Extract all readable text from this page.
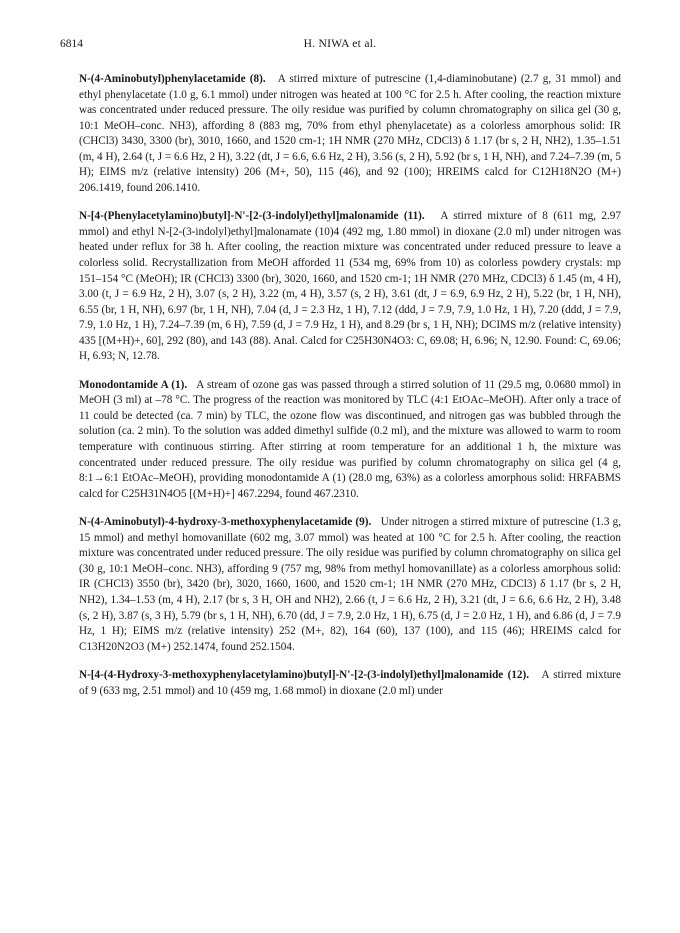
6814	H. NIWA et al.

N-(4-Aminobutyl)phenylacetamide (8). A stirred mixture of putrescine (1,4-diaminobutane) (2.7 g, 31 mmol) and ethyl phenylacetate (1.0 g, 6.1 mmol) under nitrogen was heated at 100 °C for 2.5 h. After cooling, the reaction mixture was concentrated under reduced pressure. The oily residue was purified by column chromatography on silica gel (30 g, 10:1 MeOH–conc. NH3), affording 8 (883 mg, 70% from ethyl phenylacetate) as a colorless amorphous solid: IR (CHCl3) 3430, 3300 (br), 3010, 1660, and 1520 cm-1; 1H NMR (270 MHz, CDCl3) δ 1.17 (br s, 2 H, NH2), 1.35–1.51 (m, 4 H), 2.64 (t, J = 6.6 Hz, 2 H), 3.22 (dt, J = 6.6, 6.6 Hz, 2 H), 3.56 (s, 2 H), 5.92 (br s, 1 H, NH), and 7.24–7.39 (m, 5 H); EIMS m/z (relative intensity) 206 (M+, 50), 115 (46), and 92 (100); HREIMS calcd for C12H18N2O (M+) 206.1419, found 206.1410.

N-[4-(Phenylacetylamino)butyl]-N'-[2-(3-indolyl)ethyl]malonamide (11). A stirred mixture of 8 (611 mg, 2.97 mmol) and ethyl N-[2-(3-indolyl)ethyl]malonamate (10)4 (492 mg, 1.80 mmol) in dioxane (2.0 ml) under nitrogen was heated under reflux for 38 h. After cooling, the reaction mixture was concentrated under reduced pressure to leave a colorless solid. Recrystallization from MeOH afforded 11 (534 mg, 69% from 10) as colorless powdery crystals: mp 151–154 °C (MeOH); IR (CHCl3) 3300 (br), 3020, 1660, and 1520 cm-1; 1H NMR (270 MHz, CDCl3) δ 1.45 (m, 4 H), 3.00 (t, J = 6.9 Hz, 2 H), 3.07 (s, 2 H), 3.22 (m, 4 H), 3.57 (s, 2 H), 3.61 (dt, J = 6.9, 6.9 Hz, 2 H), 5.22 (br, 1 H, NH), 6.55 (br, 1 H, NH), 6.97 (br, 1 H, NH), 7.04 (d, J = 2.3 Hz, 1 H), 7.12 (ddd, J = 7.9, 7.9, 1.0 Hz, 1 H), 7.20 (ddd, J = 7.9, 7.9, 1.0 Hz, 1 H), 7.24–7.39 (m, 6 H), 7.59 (d, J = 7.9 Hz, 1 H), and 8.29 (br s, 1 H, NH); DCIMS m/z (relative intensity) 435 [(M+H)+, 60], 292 (80), and 143 (88). Anal. Calcd for C25H30N4O3: C, 69.08; H, 6.96; N, 12.90. Found: C, 69.06; H, 6.93; N, 12.78.

Monodontamide A (1). A stream of ozone gas was passed through a stirred solution of 11 (29.5 mg, 0.0680 mmol) in MeOH (3 ml) at –78 °C. The progress of the reaction was monitored by TLC (4:1 EtOAc–MeOH). After only a trace of 11 could be detected (ca. 7 min) by TLC, the ozone flow was discontinued, and nitrogen gas was bubbled through the solution (ca. 2 min). To the solution was added dimethyl sulfide (0.2 ml), and the mixture was allowed to warm to room temperature with continuous stirring. After stirring at room temperature for an additional 1 h, the mixture was concentrated under reduced pressure. The oily residue was purified by column chromatography on silica gel (4 g, 8:1→6:1 EtOAc–MeOH), providing monodontamide A (1) (28.0 mg, 63%) as a colorless amorphous solid: HRFABMS calcd for C25H31N4O5 [(M+H)+] 467.2294, found 467.2310.

N-(4-Aminobutyl)-4-hydroxy-3-methoxyphenylacetamide (9). Under nitrogen a stirred mixture of putrescine (1.3 g, 15 mmol) and methyl homovanillate (602 mg, 3.07 mmol) was heated at 100 °C for 2.5 h. After cooling, the reaction mixture was concentrated under reduced pressure. The oily residue was purified by column chromatography on silica gel (30 g, 10:1 MeOH–conc. NH3), affording 9 (757 mg, 98% from methyl homovanillate) as a colorless amorphous solid: IR (CHCl3) 3550 (br), 3420 (br), 3020, 1660, 1600, and 1520 cm-1; 1H NMR (270 MHz, CDCl3) δ 1.17 (br s, 2 H, NH2), 1.34–1.53 (m, 4 H), 2.17 (br s, 3 H, OH and NH2), 2.66 (t, J = 6.6 Hz, 2 H), 3.21 (dt, J = 6.6, 6.6 Hz, 2 H), 3.48 (s, 2 H), 3.87 (s, 3 H), 5.79 (br s, 1 H, NH), 6.70 (dd, J = 7.9, 2.0 Hz, 1 H), 6.75 (d, J = 2.0 Hz, 1 H), and 6.86 (d, J = 7.9 Hz, 1 H); EIMS m/z (relative intensity) 252 (M+, 82), 164 (60), 137 (100), and 115 (46); HREIMS calcd for C13H20N2O3 (M+) 252.1474, found 252.1504.

N-[4-(4-Hydroxy-3-methoxyphenylacetylamino)butyl]-N'-[2-(3-indolyl)ethyl]malonamide (12). A stirred mixture of 9 (633 mg, 2.51 mmol) and 10 (459 mg, 1.68 mmol) in dioxane (2.0 ml) under
